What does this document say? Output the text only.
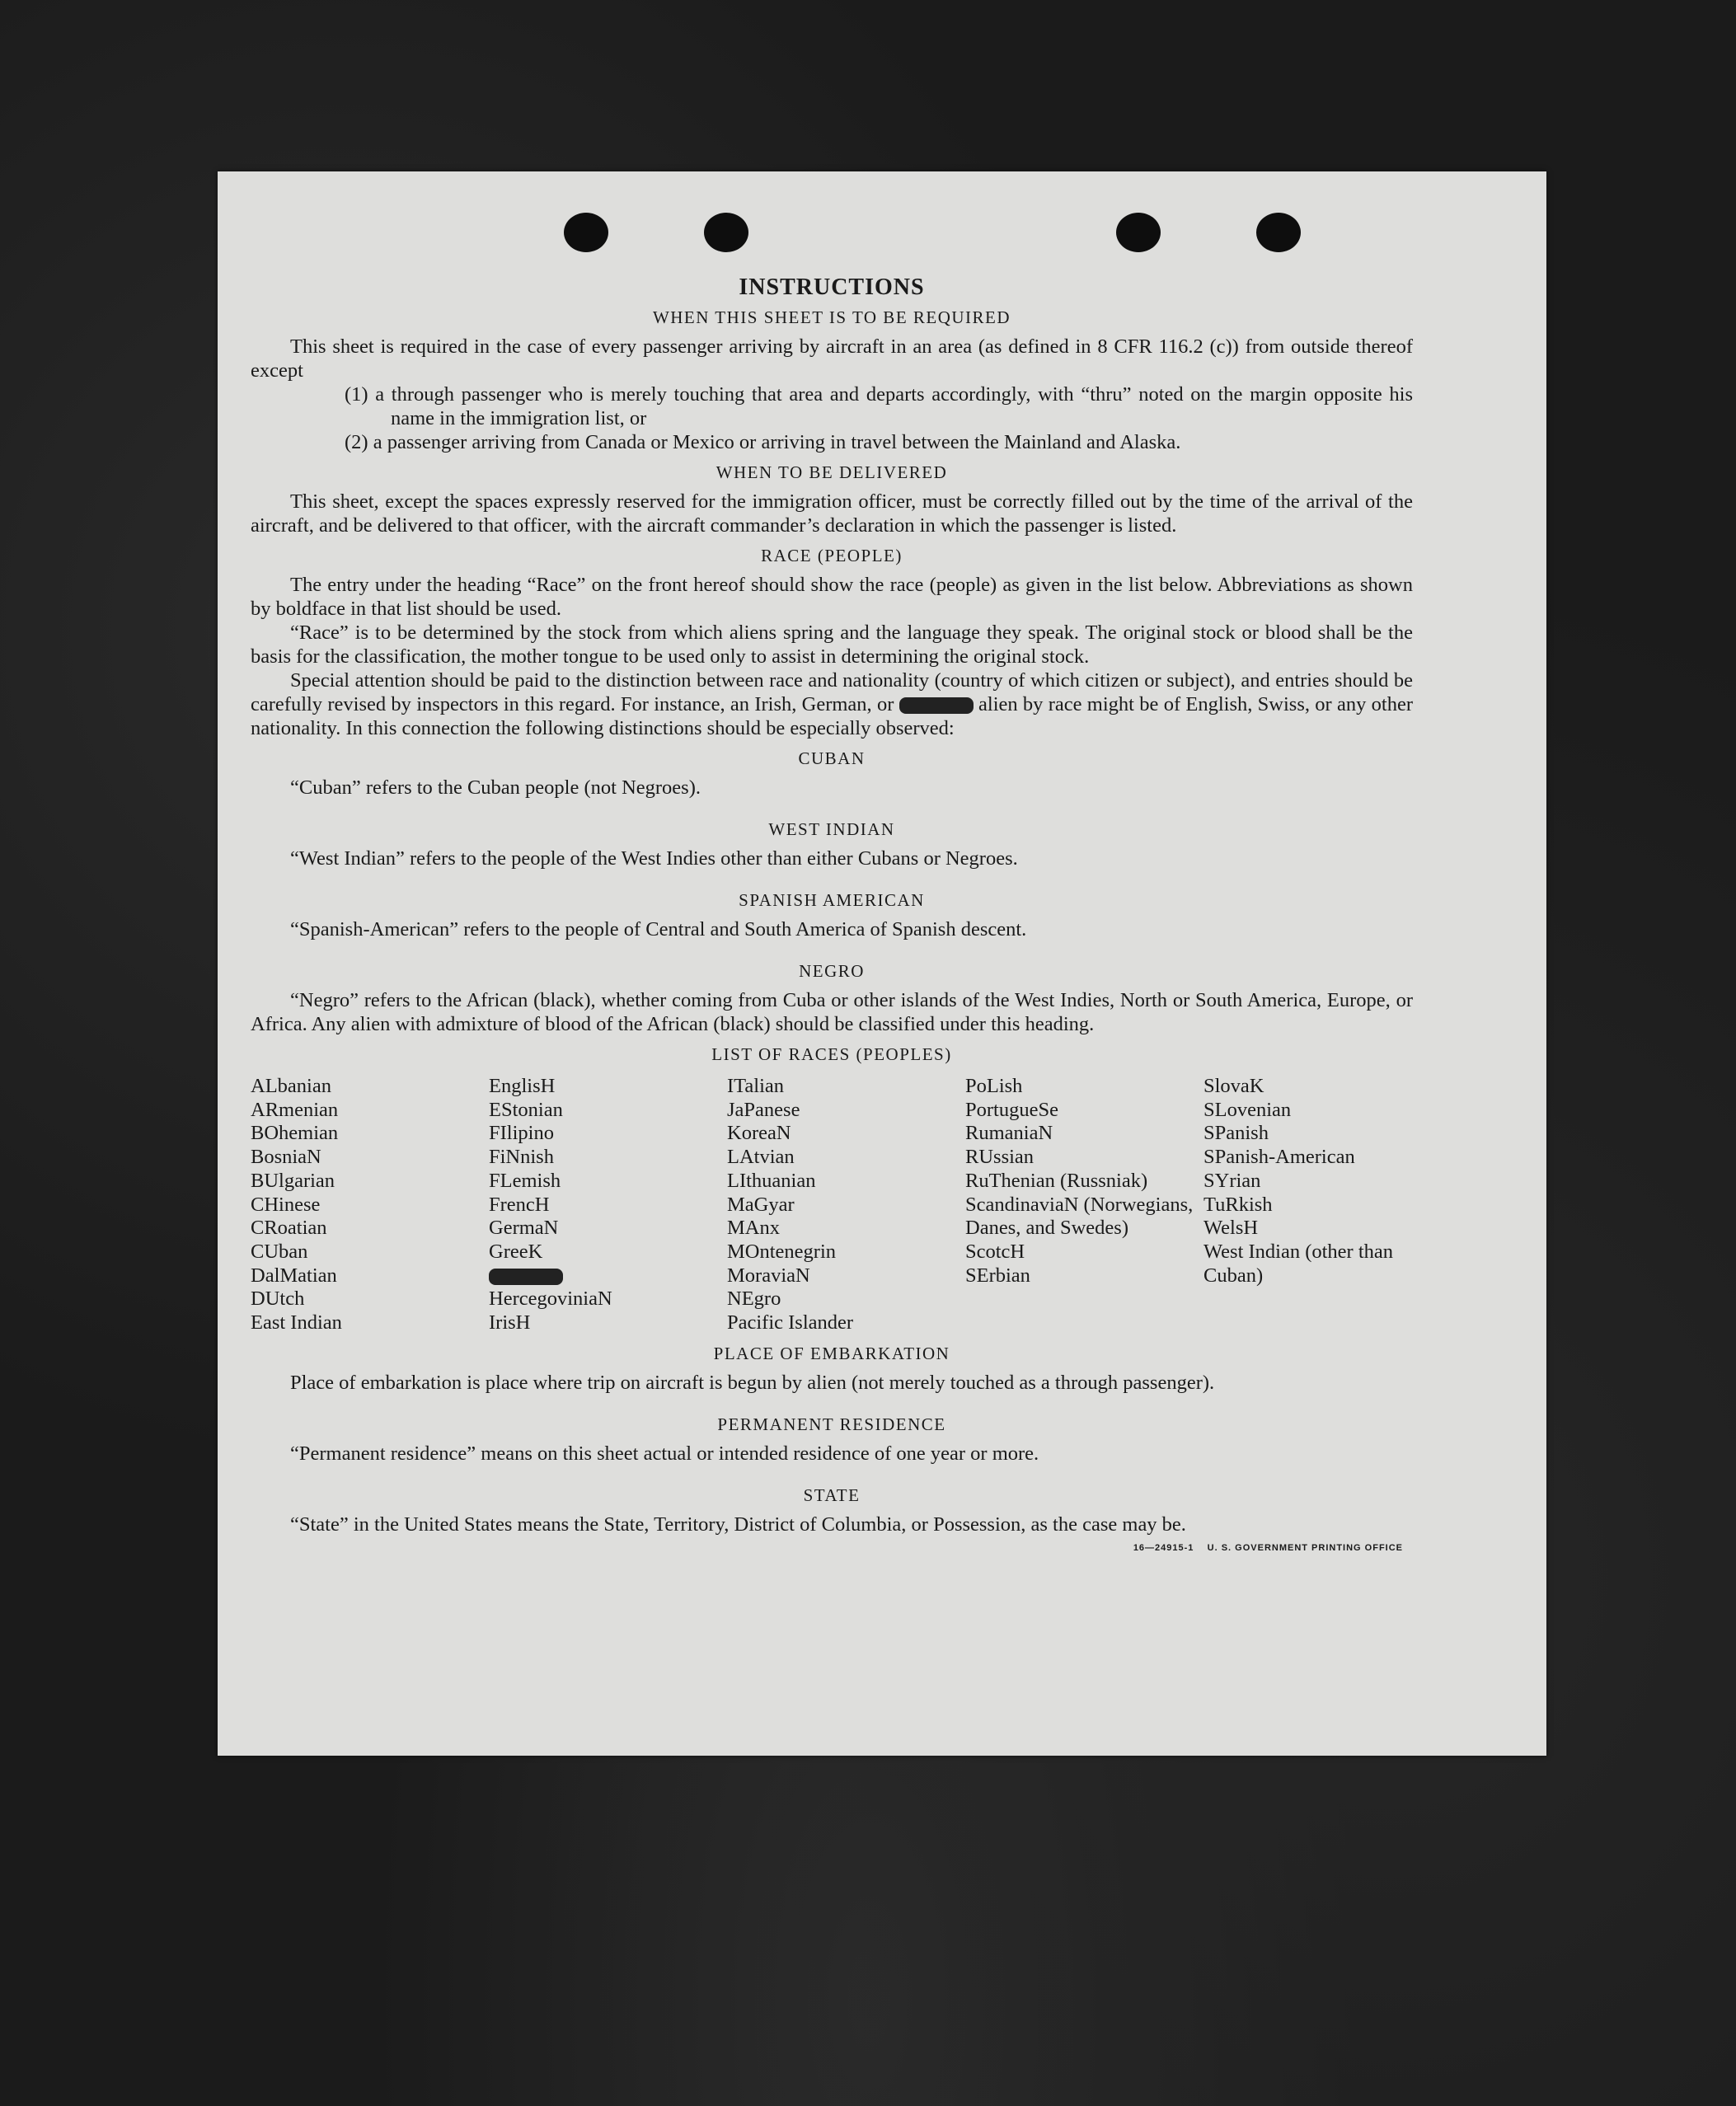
INSTRUCTIONS
WHEN THIS SHEET IS TO BE REQUIRED

This sheet is required in the case of every passenger arriving by aircraft in an area (as defined in 8 CFR 116.2 (c)) from outside thereof except

(1) a through passenger who is merely touching that area and departs accordingly, with “thru” noted on the margin opposite his name in the immigration list, or

(2) a passenger arriving from Canada or Mexico or arriving in travel between the Mainland and Alaska.

WHEN TO BE DELIVERED

This sheet, except the spaces expressly reserved for the immigration officer, must be correctly filled out by the time of the arrival of the aircraft, and be delivered to that officer, with the aircraft commander’s declaration in which the passenger is listed.

RACE (PEOPLE)

The entry under the heading “Race” on the front hereof should show the race (people) as given in the list below. Abbreviations as shown by boldface in that list should be used.

“Race” is to be determined by the stock from which aliens spring and the language they speak. The original stock or blood shall be the basis for the classification, the mother tongue to be used only to assist in determining the original stock.

Special attention should be paid to the distinction between race and nationality (country of which citizen or subject), and entries should be carefully revised by inspectors in this regard. For instance, an Irish, German, or	alien by race might be of English, Swiss, or any other nationality. In this connection the following distinctions should be especially observed:

CUBAN

“Cuban” refers to the Cuban people (not Negroes).

WEST INDIAN

“West Indian” refers to the people of the West Indies other than either Cubans or Negroes.

SPANISH AMERICAN

“Spanish-American” refers to the people of Central and South America of Spanish descent.

NEGRO

“Negro” refers to the African (black), whether coming from Cuba or other islands of the West Indies, North or South America, Europe, or Africa. Any alien with admixture of blood of the African (black) should be classified under this heading.

LIST OF RACES (PEOPLES)
ALbanian
ARmenian
BOhemian
BosniaN
BUlgarian
CHinese
CRoatian
CUban
DalMatian
DUtch
East Indian
EnglisH
EStonian
FIlipino
FiNnish
FLemish
FrencH
GermaN
GreeK
HercegoviniaN
IrisH
ITalian
JaPanese
KoreaN
LAtvian
LIthuanian
MaGyar
MAnx
MOntenegrin
MoraviaN
NEgro
Pacific Islander
PoLish
PortugueSe
RumaniaN
RUssian
RuThenian (Russniak)
ScandinaviaN (Norwegians, Danes, and Swedes)
ScotcH
SErbian
SlovaK
SLovenian
SPanish
SPanish-American
SYrian
TuRkish
WelsH
West Indian (other than Cuban)
PLACE OF EMBARKATION

Place of embarkation is place where trip on aircraft is begun by alien (not merely touched as a through passenger).

PERMANENT RESIDENCE

“Permanent residence” means on this sheet actual or intended residence of one year or more.

STATE

“State” in the United States means the State, Territory, District of Columbia, or Possession, as the case may be.

16—24915-1 U. S. GOVERNMENT PRINTING OFFICE
